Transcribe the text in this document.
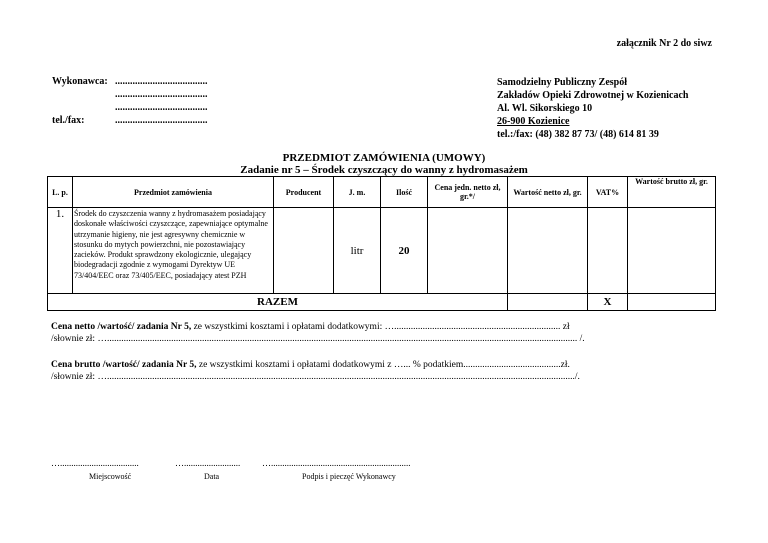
załącznik Nr 2 do siwz
Wykonawca: .....................................
.....................................
.....................................
tel./fax:	.....................................
Samodzielny Publiczny Zespół
Zakładów Opieki Zdrowotnej w Kozienicach
Al. Wl. Sikorskiego 10
26-900 Kozienice
tel.:/fax: (48) 382 87 73/ (48) 614 81 39
PRZEDMIOT ZAMÓWIENIA (UMOWY)
Zadanie nr 5 – Środek czyszczący do wanny z hydromasażem
L. p.	Przedmiot zamówienia	Producent	J. m.	Ilość	Cena jedn. netto zł, gr.*/	Wartość netto zł, gr.	VAT%	Wartość brutto zł, gr.
1.	Środek do czyszczenia wanny z hydromasażem posiadający doskonałe właściwości czyszczące, zapewniające optymalne utrzymanie higieny, nie jest agresywny chemicznie w stosunku do mytych powierzchni, nie pozostawiający zacieków. Produkt sprawdzony ekologicznie, ulegający biodegradacji zgodnie z wymogami Dyrektyw UE 73/404/EEC oraz 73/405/EEC, posiadający atest PZH		litr	20				
RAZEM							X	
Cena netto /wartość/ zadania Nr 5, ze wszystkimi kosztami i opłatami dodatkowymi: …...................................................................... zł
/słownie zł: …...................................................................................................................................................................................................... /.
Cena brutto /wartość/ zadania Nr 5, ze wszystkimi kosztami i opłatami dodatkowymi z …... % podatkiem.........................................zł.
/słownie zł: …...................................................................................................................................................................................................../.
…...................................	…......................... …..............................................................
Miejscowość	Data	Podpis i pieczęć Wykonawcy
